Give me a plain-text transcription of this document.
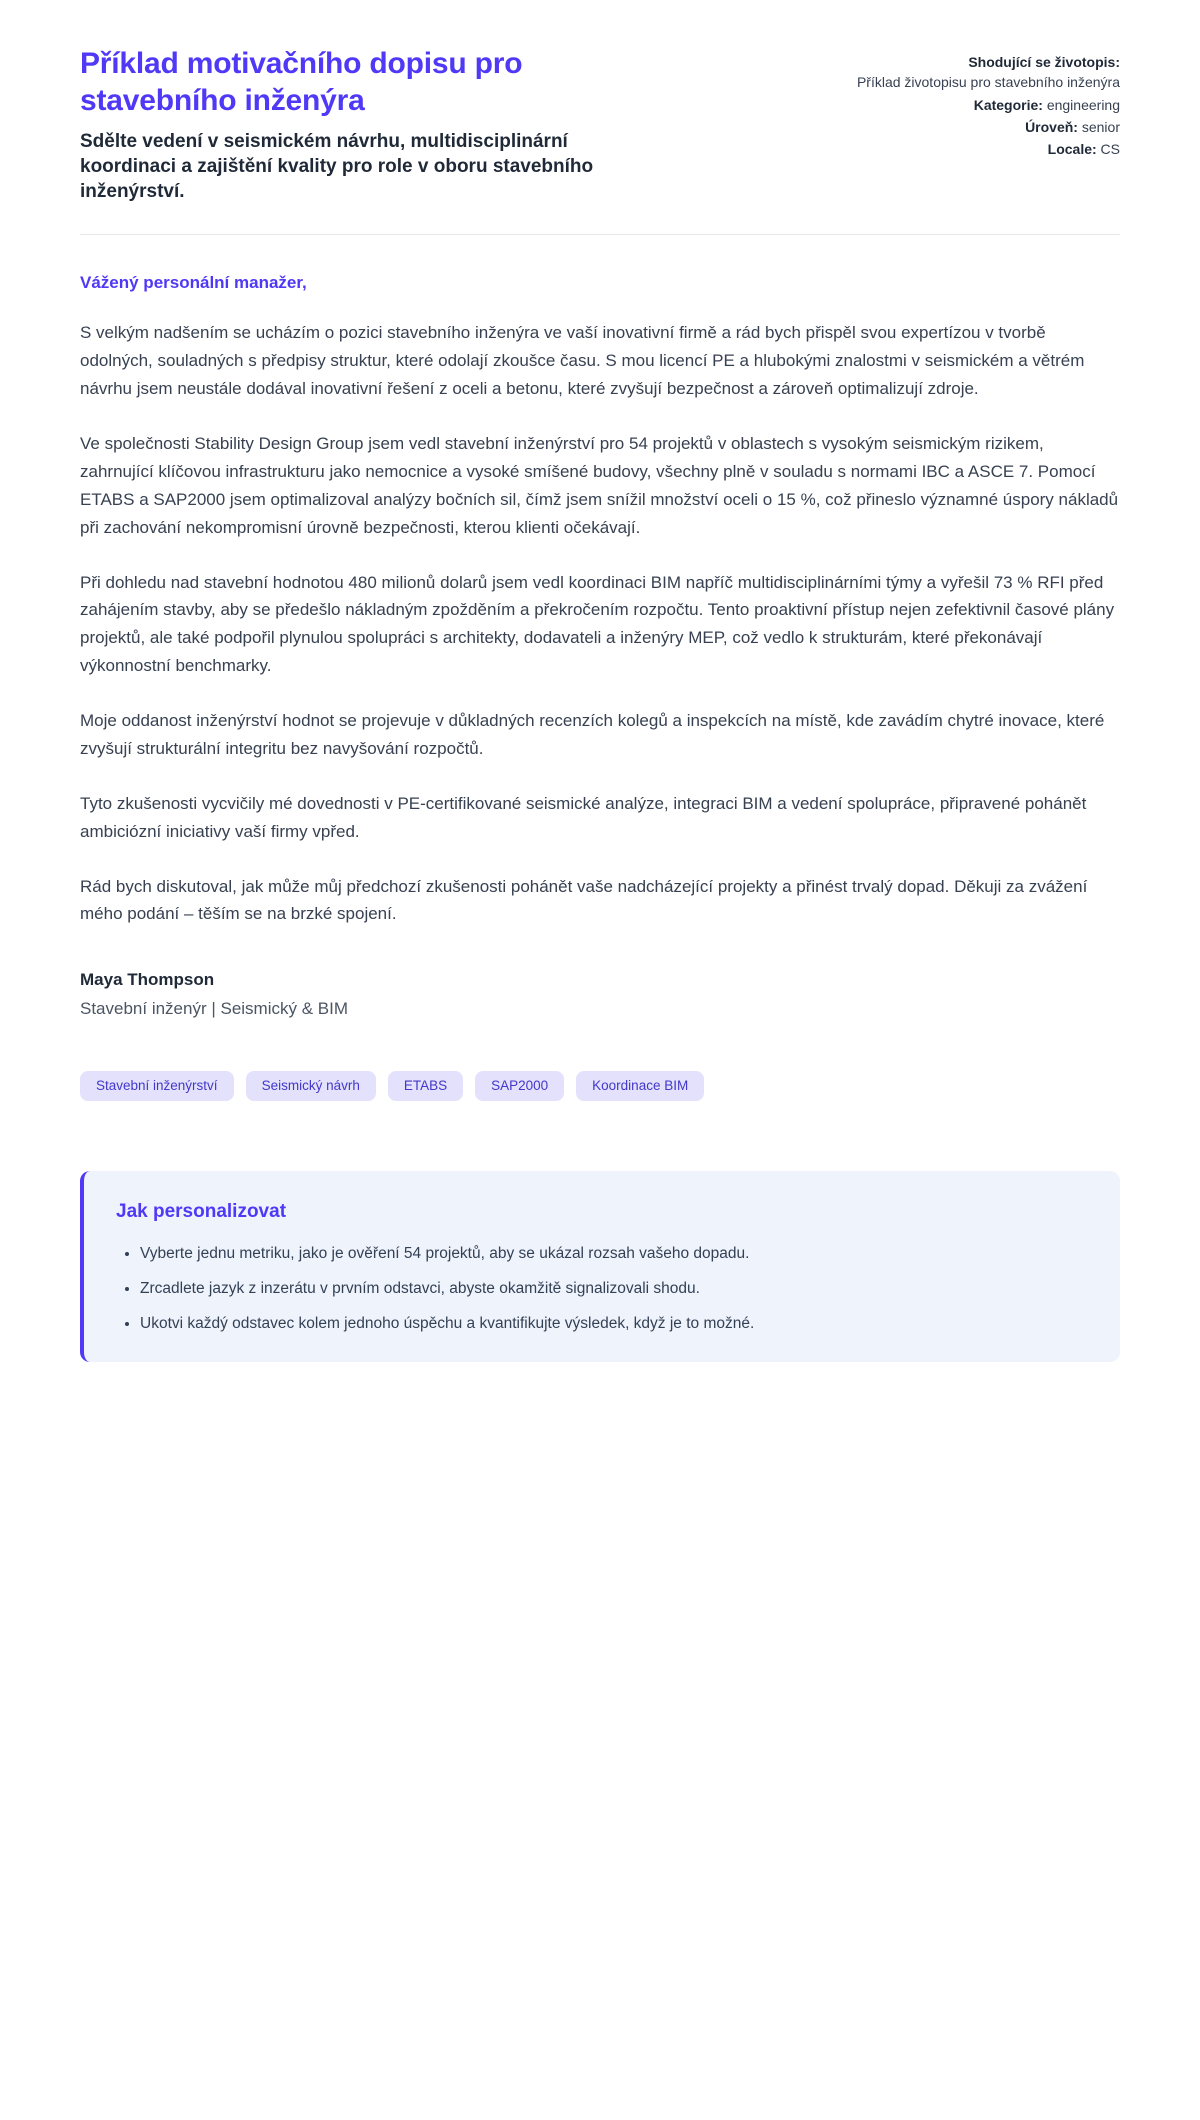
Příklad motivačního dopisu pro stavebního inženýra
Sdělte vedení v seismickém návrhu, multidisciplinární koordinaci a zajištění kvality pro role v oboru stavebního inženýrství.
Shodující se životopis:
Příklad životopisu pro stavebního inženýra
Kategorie: engineering
Úroveň: senior
Locale: CS

Vážený personální manažer,

S velkým nadšením se ucházím o pozici stavebního inženýra ve vaší inovativní firmě a rád bych přispěl svou expertízou v tvorbě odolných, souladných s předpisy struktur, které odolají zkoušce času. S mou licencí PE a hlubokými znalostmi v seismickém a větrém návrhu jsem neustále dodával inovativní řešení z oceli a betonu, které zvyšují bezpečnost a zároveň optimalizují zdroje.

Ve společnosti Stability Design Group jsem vedl stavební inženýrství pro 54 projektů v oblastech s vysokým seismickým rizikem, zahrnující klíčovou infrastrukturu jako nemocnice a vysoké smíšené budovy, všechny plně v souladu s normami IBC a ASCE 7. Pomocí ETABS a SAP2000 jsem optimalizoval analýzy bočních sil, čímž jsem snížil množství oceli o 15 %, což přineslo významné úspory nákladů při zachování nekompromisní úrovně bezpečnosti, kterou klienti očekávají.

Při dohledu nad stavební hodnotou 480 milionů dolarů jsem vedl koordinaci BIM napříč multidisciplinárními týmy a vyřešil 73 % RFI před zahájením stavby, aby se předešlo nákladným zpožděním a překročením rozpočtu. Tento proaktivní přístup nejen zefektivnil časové plány projektů, ale také podpořil plynulou spolupráci s architekty, dodavateli a inženýry MEP, což vedlo k strukturám, které překonávají výkonnostní benchmarky.

Moje oddanost inženýrství hodnot se projevuje v důkladných recenzích kolegů a inspekcích na místě, kde zavádím chytré inovace, které zvyšují strukturální integritu bez navyšování rozpočtů.

Tyto zkušenosti vycvičily mé dovednosti v PE-certifikované seismické analýze, integraci BIM a vedení spolupráce, připravené pohánět ambiciózní iniciativy vaší firmy vpřed.

Rád bych diskutoval, jak může můj předchozí zkušenosti pohánět vaše nadcházející projekty a přinést trvalý dopad. Děkuji za zvážení mého podání – těším se na brzké spojení.

Maya Thompson

Stavební inženýr | Seismický & BIM

Stavební inženýrství	Seismický návrh	ETABS	SAP2000	Koordinace BIM
Jak personalizovat
• Vyberte jednu metriku, jako je ověření 54 projektů, aby se ukázal rozsah vašeho dopadu.
• Zrcadlete jazyk z inzerátu v prvním odstavci, abyste okamžitě signalizovali shodu.
• Ukotvi každý odstavec kolem jednoho úspěchu a kvantifikujte výsledek, když je to možné.
